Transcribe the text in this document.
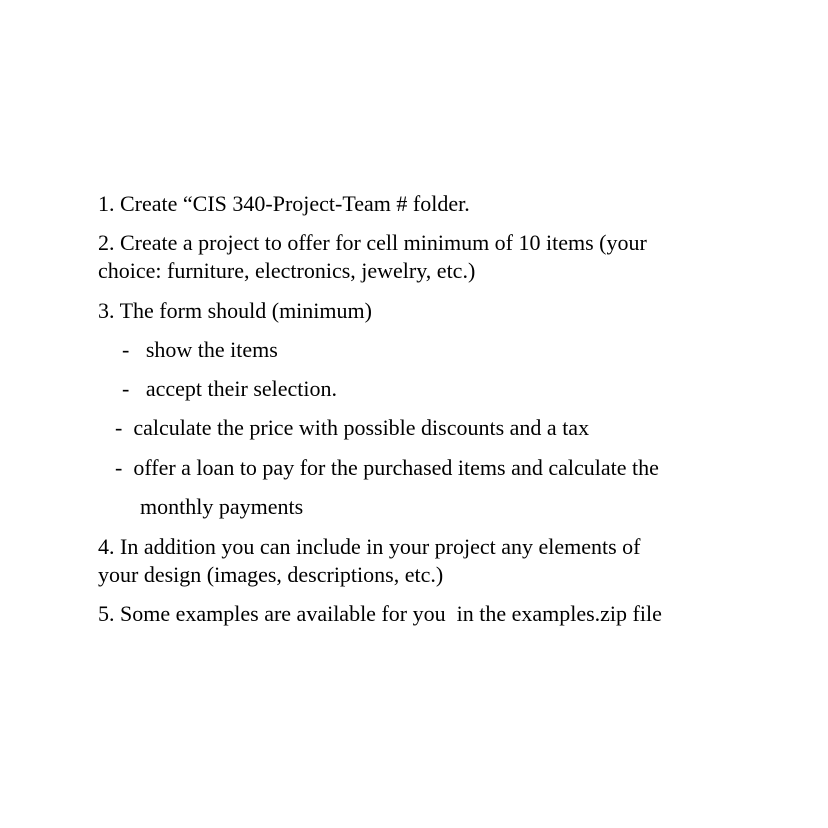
1. Create “CIS 340-Project-Team # folder.

2. Create a project to offer for cell minimum of 10 items (your

choice: furniture, electronics, jewelry, etc.)

3. The form should (minimum)

-   show the items

-   accept their selection.

-  calculate the price with possible discounts and a tax

-  offer a loan to pay for the purchased items and calculate the

monthly payments

4. In addition you can include in your project any elements of

your design (images, descriptions, etc.)

5. Some examples are available for you  in the examples.zip file
